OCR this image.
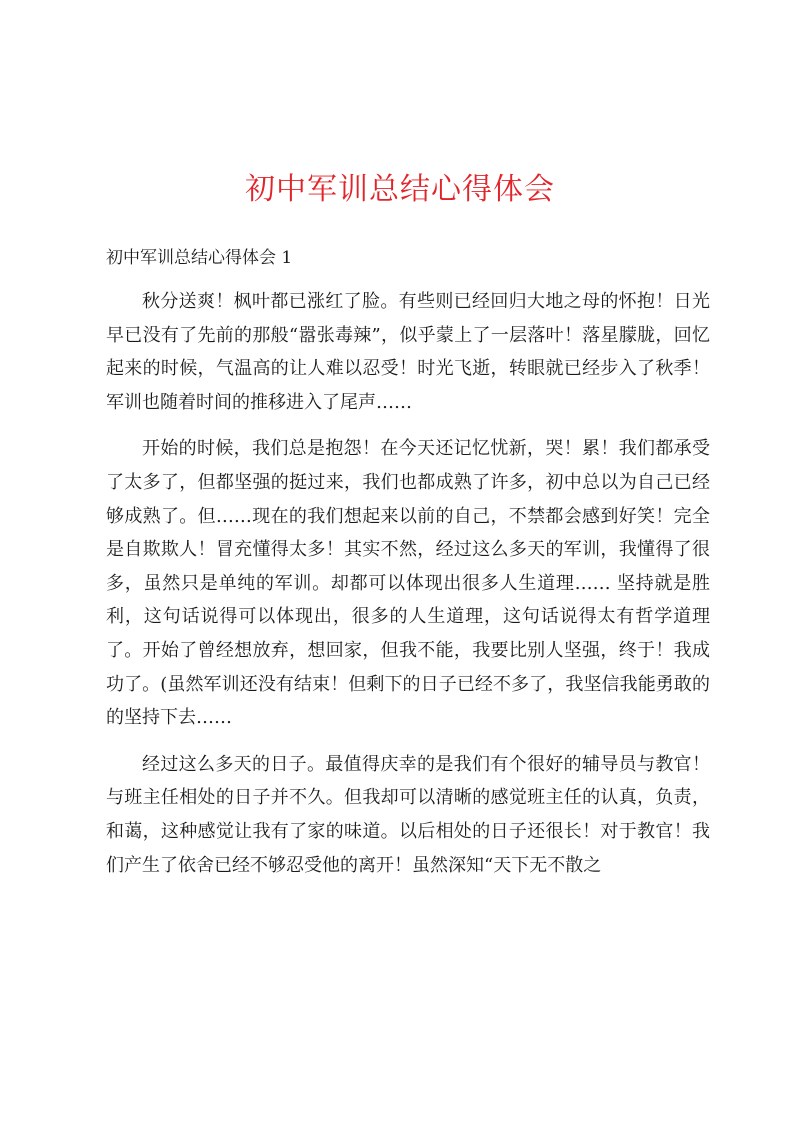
初中军训总结心得体会

初中军训总结心得体会 1

秋分送爽！枫叶都已涨红了脸。有些则已经回归大地之母的怀抱！日光早已没有了先前的那般“嚣张毒辣”，似乎蒙上了一层落叶！落星朦胧，回忆起来的时候，气温高的让人难以忍受！时光飞逝，转眼就已经步入了秋季！军训也随着时间的推移进入了尾声……

开始的时候，我们总是抱怨！在今天还记忆忧新，哭！累！我们都承受了太多了，但都坚强的挺过来，我们也都成熟了许多，初中总以为自己已经够成熟了。但……现在的我们想起来以前的自己，不禁都会感到好笑！完全是自欺欺人！冒充懂得太多！其实不然，经过这么多天的军训，我懂得了很多，虽然只是单纯的军训。却都可以体现出很多人生道理…… 坚持就是胜利，这句话说得可以体现出，很多的人生道理，这句话说得太有哲学道理了。开始了曾经想放弃，想回家，但我不能，我要比别人坚强，终于！我成功了。(虽然军训还没有结束！但剩下的日子已经不多了，我坚信我能勇敢的的坚持下去……

经过这么多天的日子。最值得庆幸的是我们有个很好的辅导员与教官！与班主任相处的日子并不久。但我却可以清晰的感觉班主任的认真，负责，和蔼，这种感觉让我有了家的味道。以后相处的日子还很长！对于教官！我们产生了依舍已经不够忍受他的离开！虽然深知“天下无不散之
